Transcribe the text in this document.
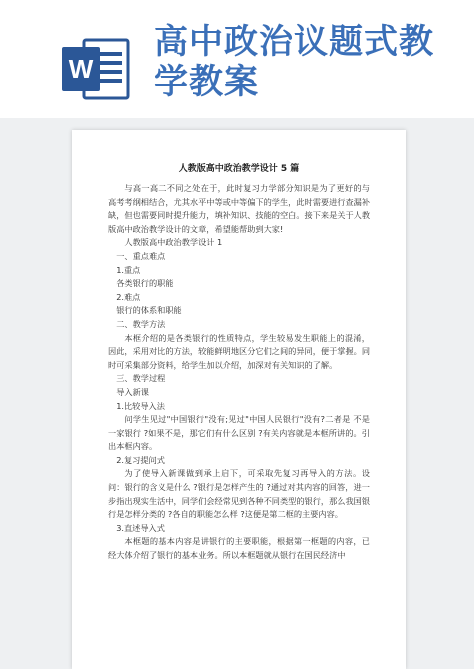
W
高中政治议题式教学教案
人教版高中政治教学设计 5 篇

与高一高二不同之处在于，此时复习力学部分知识是为了更好的与高考考纲相结合，尤其水平中等或中等偏下的学生，此时需要进行查漏补缺，但也需要同时提升能力，填补知识、技能的空白。接下来是关于人教版高中政治教学设计的文章，希望能帮助到大家!

人教版高中政治教学设计 1

一、重点难点

1.重点

各类银行的职能

2.难点

银行的体系和职能

二、教学方法

本框介绍的是各类银行的性质特点，学生较易发生职能上的混淆，因此，采用对比的方法，较能鲜明地区分它们之间的异同，便于掌握。同时可采集部分资料，给学生加以介绍，加深对有关知识的了解。

三、教学过程

导入新课

1.比较导入法

问学生见过"中国银行"没有;见过"中国人民银行"没有?二者是 不是一家银行 ?如果不是，那它们有什么区别 ?有关内容就是本框所讲的。引出本框内容。

2.复习提问式

为了使导入新课做到承上启下，可采取先复习再导入的方法。设问：银行的含义是什么 ?银行是怎样产生的 ?通过对其内容的回答，进一步指出现实生活中，同学们会经常见到各种不同类型的银行，那么我国银行是怎样分类的 ?各自的职能怎么样 ?这便是第二框的主要内容。

3.直述导入式

本框题的基本内容是讲银行的主要职能，根据第一框题的内容，已经大体介绍了银行的基本业务。所以本框题就从银行在国民经济中
